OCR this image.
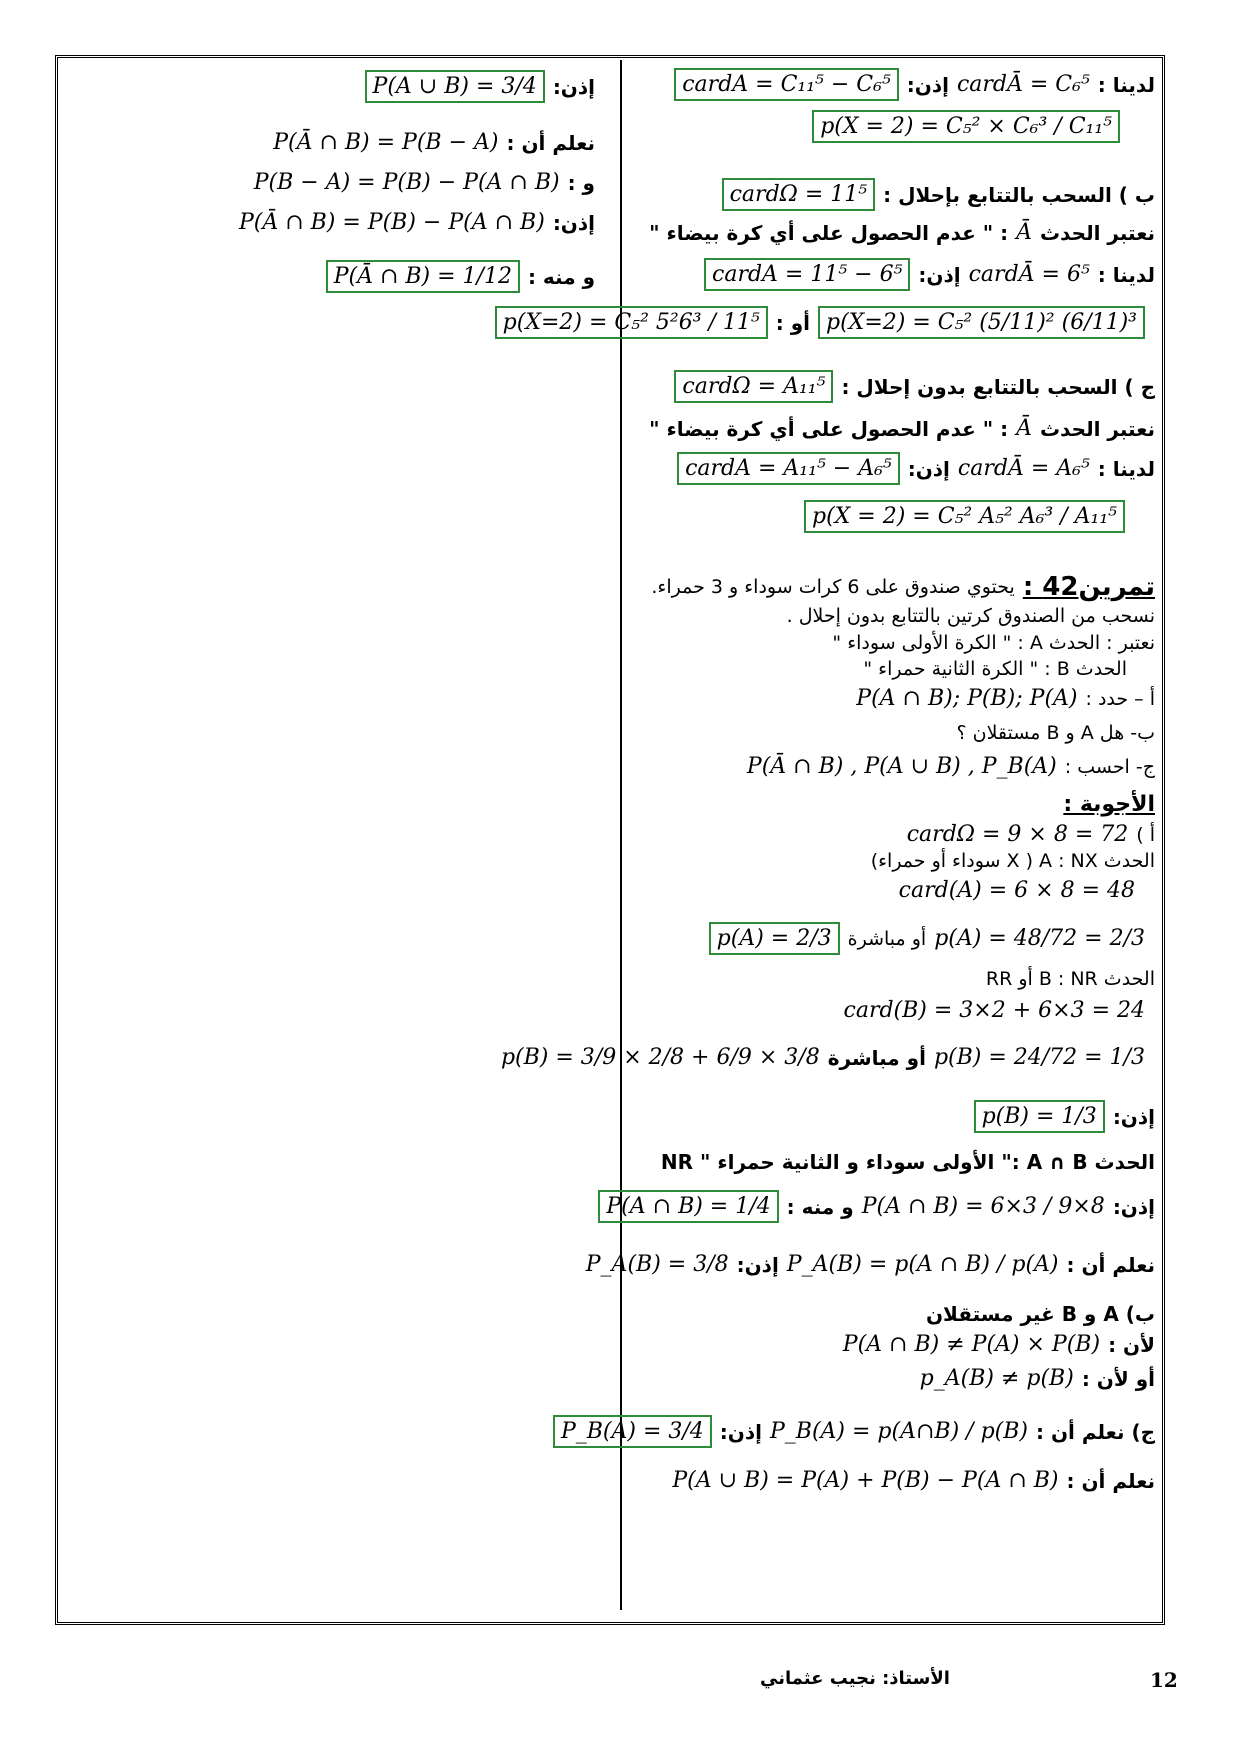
إذن:
P(A ∪ B) = 3/4
نعلم أن :
P(Ā ∩ B) = P(B − A)
و :
P(B − A) = P(B) − P(A ∩ B)
إذن:
P(Ā ∩ B) = P(B) − P(A ∩ B)
و منه :
P(Ā ∩ B) = 1/12
لدينا :
cardĀ = C₆⁵
إذن:
cardA = C₁₁⁵ − C₆⁵
p(X = 2) = C₅² × C₆³ / C₁₁⁵
ب ) السحب بالتتابع بإحلال :
cardΩ = 11⁵
نعتبر الحدث
Ā
: " عدم الحصول على أي كرة بيضاء "
لدينا :
cardĀ = 6⁵
إذن:
cardA = 11⁵ − 6⁵
p(X=2) = C₅² (5/11)² (6/11)³
أو :
p(X=2) = C₅² 5²6³ / 11⁵
ج ) السحب بالتتابع بدون إحلال :
cardΩ = A₁₁⁵
نعتبر الحدث
Ā
: " عدم الحصول على أي كرة بيضاء "
لدينا :
cardĀ = A₆⁵
إذن:
cardA = A₁₁⁵ − A₆⁵
p(X = 2) = C₅² A₅² A₆³ / A₁₁⁵
تمرين42 :
يحتوي صندوق على 6 كرات سوداء و 3 حمراء.
نسحب من الصندوق كرتين بالتتابع بدون إحلال .
نعتبر : الحدث A : " الكرة الأولى سوداء "
الحدث B : " الكرة الثانية حمراء "
أ – حدد :
P(A ∩ B); P(B); P(A)
ب- هل A و B مستقلان ؟
ج- احسب :
P(Ā ∩ B) , P(A ∪ B) , P_B(A)
الأجوبة :
أ )
cardΩ = 9 × 8 = 72
الحدث A : NX ( X سوداء أو حمراء)
card(A) = 6 × 8 = 48
p(A) = 48/72 = 2/3
أو مباشرة
p(A) = 2/3
الحدث B : NR أو RR
card(B) = 3×2 + 6×3 = 24
p(B) = 24/72 = 1/3
أو مباشرة
p(B) = 3/9 × 2/8 + 6/9 × 3/8
إذن:
p(B) = 1/3
الحدث A ∩ B :" الأولى سوداء و الثانية حمراء " NR
إذن:
P(A ∩ B) = 6×3 / 9×8
و منه :
P(A ∩ B) = 1/4
نعلم أن :
P_A(B) = p(A ∩ B) / p(A)
إذن:
P_A(B) = 3/8
ب) A و B غير مستقلان
لأن :
P(A ∩ B) ≠ P(A) × P(B)
أو لأن :
p_A(B) ≠ p(B)
ج) نعلم أن :
P_B(A) = p(A∩B) / p(B)
إذن:
P_B(A) = 3/4
نعلم أن :
P(A ∪ B) = P(A) + P(B) − P(A ∩ B)
الأستاذ: نجيب عثماني	12
